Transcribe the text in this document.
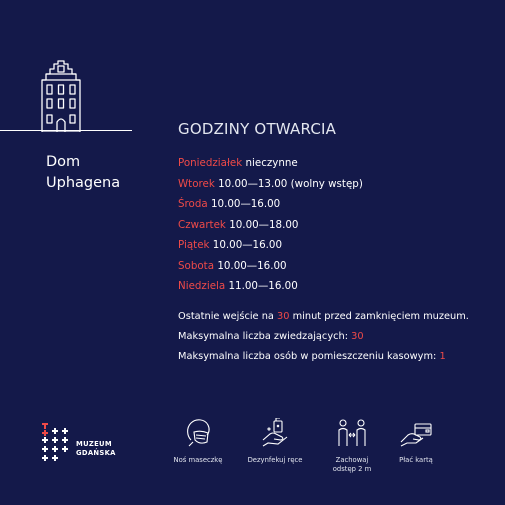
Dom
Uphagena
GODZINY OTWARCIA
Poniedziałek nieczynne
Wtorek 10.00—13.00 (wolny wstęp)
Środa 10.00—16.00
Czwartek 10.00—18.00
Piątek 10.00—16.00
Sobota 10.00—16.00
Niedziela 11.00—16.00
Ostatnie wejście na 30 minut przed zamknięciem muzeum.
Maksymalna liczba zwiedzających: 30
Maksymalna liczba osób w pomieszczeniu kasowym: 1
MUZEUM
GDAŃSKA
Noś maseczkę	Dezynfekuj ręce	Zachowaj
odstęp 2 m
Płać kartą
